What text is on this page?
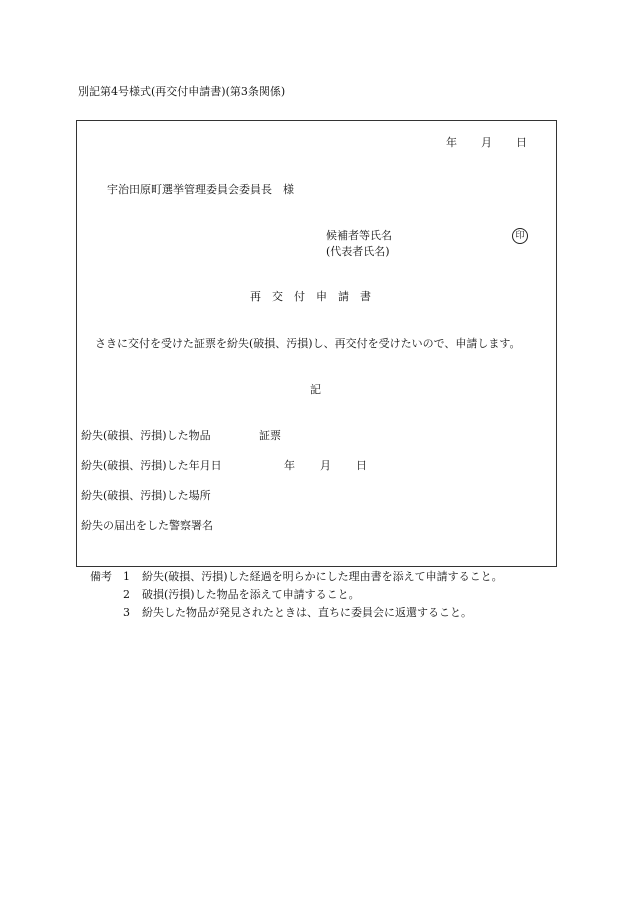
別記第4号様式(再交付申請書)(第3条関係)
年 月 日
宇治田原町選挙管理委員会委員長　様
候補者等氏名
(代表者氏名)
印
再 交 付 申 請 書
さきに交付を受けた証票を紛失(破損、汚損)し、再交付を受けたいので、申請します。
記
紛失(破損、汚損)した物品	証票
紛失(破損、汚損)した年月日	年 月 日
紛失(破損、汚損)した場所
紛失の届出をした警察署名
備考 1 紛失(破損、汚損)した経過を明らかにした理由書を添えて申請すること。
2 破損(汚損)した物品を添えて申請すること。
3 紛失した物品が発見されたときは、直ちに委員会に返還すること。
